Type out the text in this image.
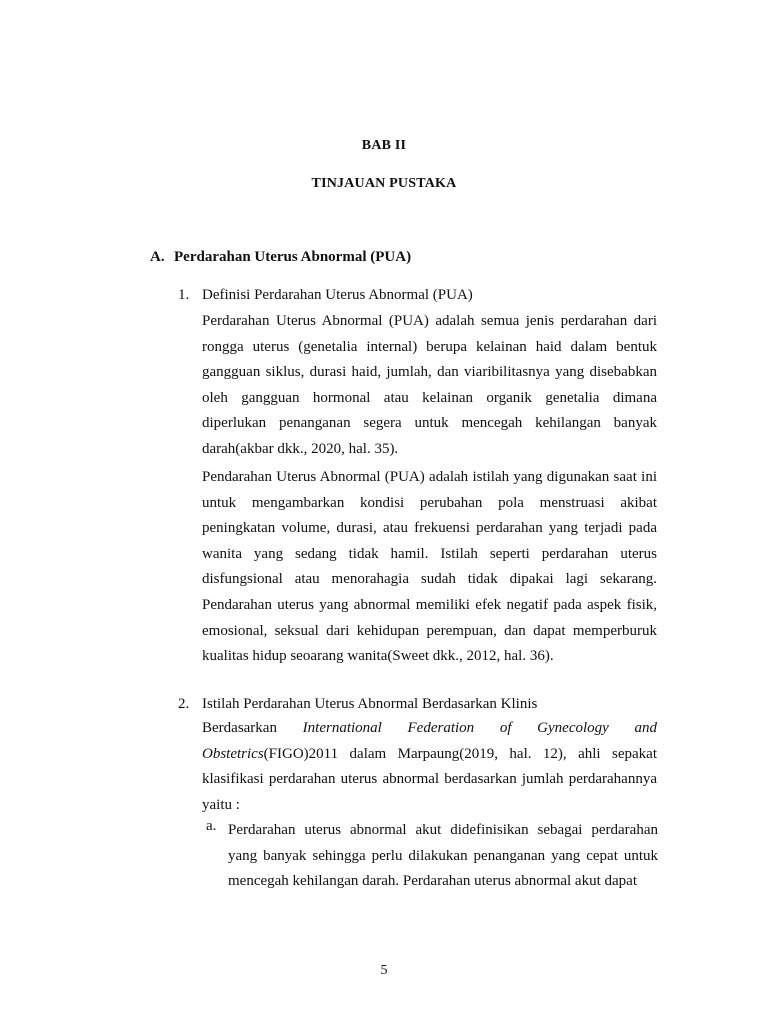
BAB II
TINJAUAN PUSTAKA
A. Perdarahan Uterus Abnormal (PUA)
1. Definisi Perdarahan Uterus Abnormal (PUA)

Perdarahan Uterus Abnormal (PUA) adalah semua jenis perdarahan dari rongga uterus (genetalia internal) berupa kelainan haid dalam bentuk gangguan siklus, durasi haid, jumlah, dan viaribilitasnya yang disebabkan oleh gangguan hormonal atau kelainan organik genetalia dimana diperlukan penanganan segera untuk mencegah kehilangan banyak darah(akbar dkk., 2020, hal. 35).

Pendarahan Uterus Abnormal (PUA) adalah istilah yang digunakan saat ini untuk mengambarkan kondisi perubahan pola menstruasi akibat peningkatan volume, durasi, atau frekuensi perdarahan yang terjadi pada wanita yang sedang tidak hamil. Istilah seperti perdarahan uterus disfungsional atau menorahagia sudah tidak dipakai lagi sekarang. Pendarahan uterus yang abnormal memiliki efek negatif pada aspek fisik, emosional, seksual dari kehidupan perempuan, dan dapat memperburuk kualitas hidup seoarang wanita(Sweet dkk., 2012, hal. 36).

2. Istilah Perdarahan Uterus Abnormal Berdasarkan Klinis

Berdasarkan International Federation of Gynecology and Obstetrics(FIGO)2011 dalam Marpaung(2019, hal. 12), ahli sepakat klasifikasi perdarahan uterus abnormal berdasarkan jumlah perdarahannya yaitu :

a. Perdarahan uterus abnormal akut didefinisikan sebagai perdarahan yang banyak sehingga perlu dilakukan penanganan yang cepat untuk mencegah kehilangan darah. Perdarahan uterus abnormal akut dapat

5
